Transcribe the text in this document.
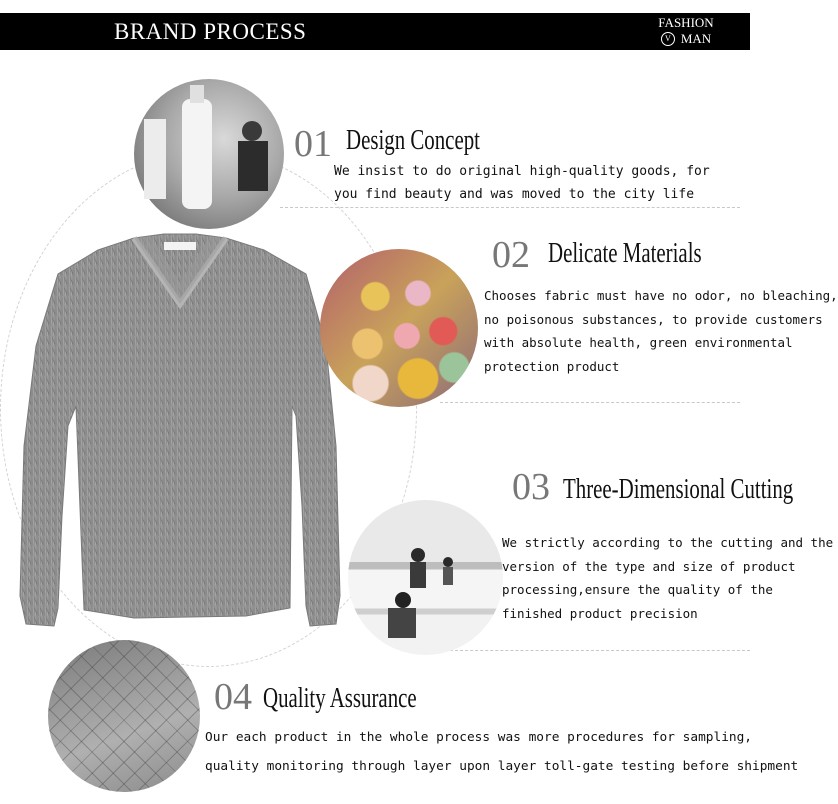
BRAND PROCESS	FASHION
V MAN
01 Design Concept
We insist to do original high-quality goods, for
you find beauty and was moved to the city life
02 Delicate Materials
Chooses fabric must have no odor, no bleaching,
no poisonous substances, to provide customers
with absolute health, green environmental
protection product
03 Three-Dimensional Cutting
We strictly according to the cutting and the
version of the type and size of product
processing,ensure the quality of the
finished product precision
04 Quality Assurance
Our each product in the whole process was more procedures for sampling,
quality monitoring through layer upon layer toll-gate testing before shipment
